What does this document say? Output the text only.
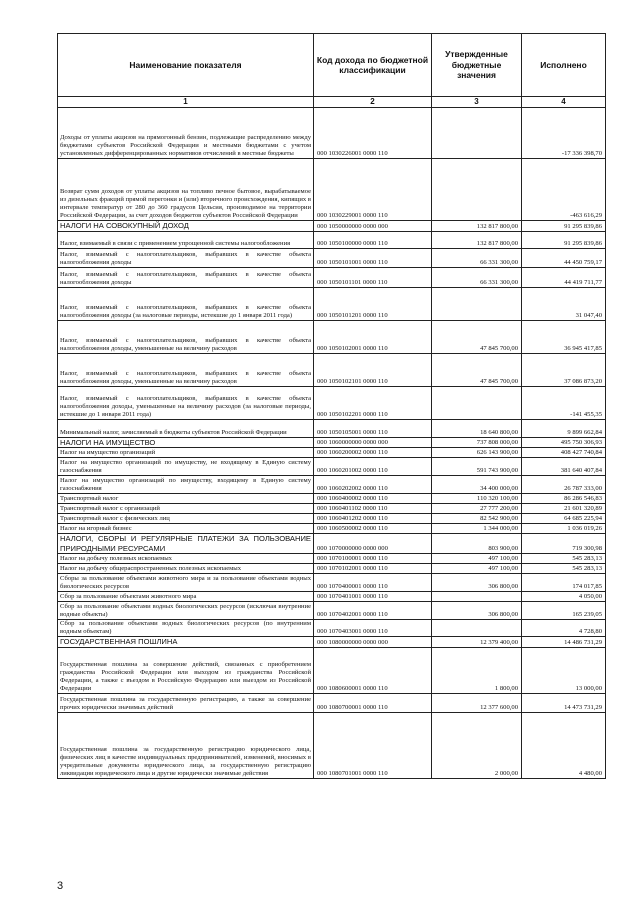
Наименование показателя	Код дохода по бюджетной классификации	Утвержденные бюджетные значения	Исполнено
1	2	3	4
Доходы от уплаты акцизов на прямогонный бензин, подлежащие распределению между бюджетами субъектов Российской Федерации и местными бюджетами с учетом установленных дифференцированных нормативов отчислений в местные бюджеты	000 1030226001 0000 110		-17 336 398,70
Возврат сумм доходов от уплаты акцизов на топливо печное бытовое, вырабатываемое из дизельных фракций прямой перегонки и (или) вторичного происхождения, кипящих в интервале температур от 280 до 360 градусов Цельсия, производимое на территории Российской Федерации, за счет доходов бюджетов субъектов Российской Федерации	000 1030229001 0000 110		-463 616,29
НАЛОГИ НА СОВОКУПНЫЙ ДОХОД	000 1050000000 0000 000	132 817 800,00	91 295 839,86
Налог, взимаемый в связи с применением упрощенной системы налогообложения	000 1050100000 0000 110	132 817 800,00	91 295 839,86
Налог, взимаемый с налогоплательщиков, выбравших в качестве объекта налогообложения доходы	000 1050101001 0000 110	66 331 300,00	44 450 759,17
Налог, взимаемый с налогоплательщиков, выбравших в качестве объекта налогообложения доходы	000 1050101101 0000 110	66 331 300,00	44 419 711,77
Налог, взимаемый с налогоплательщиков, выбравших в качестве объекта налогообложения доходы (за налоговые периоды, истекшие до 1 января 2011 года)	000 1050101201 0000 110		31 047,40
Налог, взимаемый с налогоплательщиков, выбравших в качестве объекта налогообложения доходы, уменьшенные на величину расходов	000 1050102001 0000 110	47 845 700,00	36 945 417,85
Налог, взимаемый с налогоплательщиков, выбравших в качестве объекта налогообложения доходы, уменьшенные на величину расходов	000 1050102101 0000 110	47 845 700,00	37 086 873,20
Налог, взимаемый с налогоплательщиков, выбравших в качестве объекта налогообложения доходы, уменьшенные на величину расходов (за налоговые периоды, истекшие до 1 января 2011 года)	000 1050102201 0000 110		-141 455,35
Минимальный налог, зачисляемый в бюджеты субъектов Российской Федерации	000 1050105001 0000 110	18 640 800,00	9 899 662,84
НАЛОГИ НА ИМУЩЕСТВО	000 1060000000 0000 000	737 808 000,00	495 750 306,93
Налог на имущество организаций	000 1060200002 0000 110	626 143 900,00	408 427 740,84
Налог на имущество организаций по имуществу, не входящему в Единую систему газоснабжения	000 1060201002 0000 110	591 743 900,00	381 640 407,84
Налог на имущество организаций по имуществу, входящему в Единую систему газоснабжения	000 1060202002 0000 110	34 400 000,00	26 787 333,00
Транспортный налог	000 1060400002 0000 110	110 320 100,00	86 286 546,83
Транспортный налог с организаций	000 1060401102 0000 110	27 777 200,00	21 601 320,89
Транспортный налог с физических лиц	000 1060401202 0000 110	82 542 900,00	64 685 225,94
Налог на игорный бизнес	000 1060500002 0000 110	1 344 000,00	1 036 019,26
НАЛОГИ, СБОРЫ И РЕГУЛЯРНЫЕ ПЛАТЕЖИ ЗА ПОЛЬЗОВАНИЕ ПРИРОДНЫМИ РЕСУРСАМИ	000 1070000000 0000 000	803 900,00	719 300,98
Налог на добычу полезных ископаемых	000 1070100001 0000 110	497 100,00	545 283,13
Налог на добычу общераспространенных полезных ископаемых	000 1070102001 0000 110	497 100,00	545 283,13
Сборы за пользование объектами животного мира и за пользование объектами водных биологических ресурсов	000 1070400001 0000 110	306 800,00	174 017,85
Сбор за пользование объектами животного мира	000 1070401001 0000 110		4 050,00
Сбор за пользование объектами водных биологических ресурсов (исключая внутренние водные объекты)	000 1070402001 0000 110	306 800,00	165 239,05
Сбор за пользование объектами водных биологических ресурсов (по внутренним водным объектам)	000 1070403001 0000 110		4 728,80
ГОСУДАРСТВЕННАЯ ПОШЛИНА	000 1080000000 0000 000	12 379 400,00	14 486 731,29
Государственная пошлина за совершение действий, связанных с приобретением гражданства Российской Федерации или выходом из гражданства Российской Федерации, а также с въездом в Российскую Федерацию или выездом из Российской Федерации	000 1080600001 0000 110	1 800,00	13 000,00
Государственная пошлина за государственную регистрацию, а также за совершение прочих юридически значимых действий	000 1080700001 0000 110	12 377 600,00	14 473 731,29
Государственная пошлина за государственную регистрацию юридического лица, физических лиц в качестве индивидуальных предпринимателей, изменений, вносимых в учредительные документы юридического лица, за государственную регистрацию ликвидации юридического лица и другие юридически значимые действия	000 1080701001 0000 110	2 000,00	4 480,00
3
